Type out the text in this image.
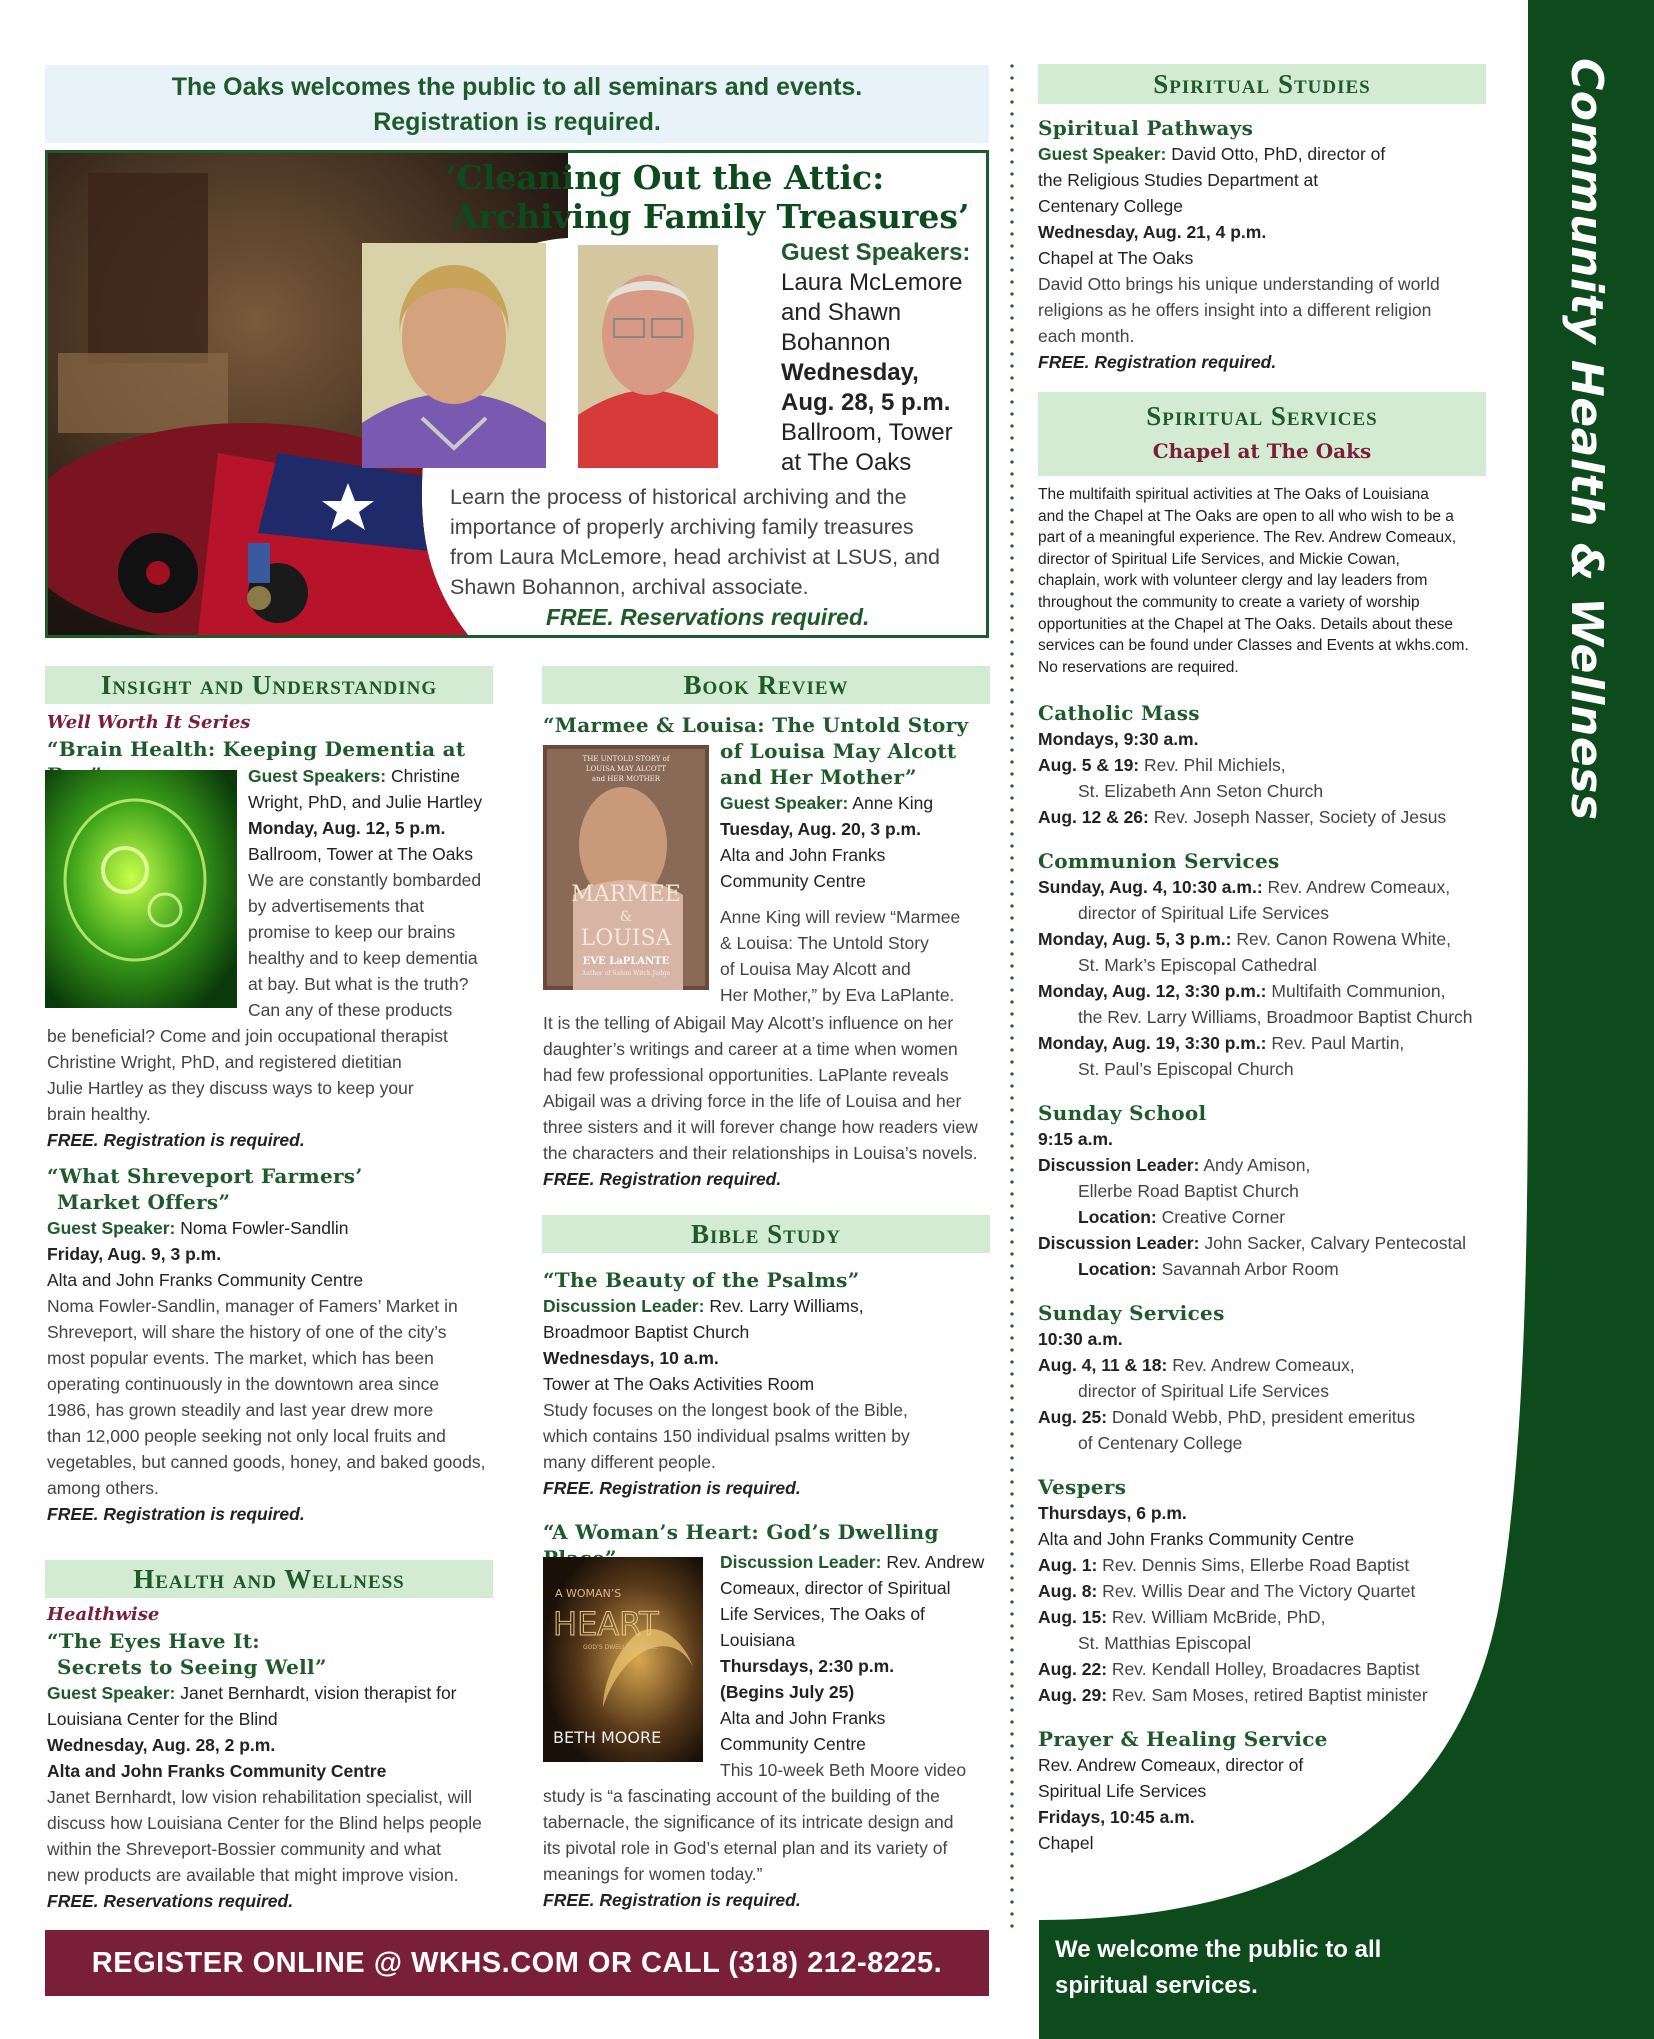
Community Health & Wellness
We welcome the public to all
spiritual services.
The Oaks welcomes the public to all seminars and events.
Registration is required.
‘Cleaning Out the Attic:
Archiving Family Treasures’
Guest Speakers:
Laura McLemore
and Shawn
Bohannon
Wednesday,
Aug. 28, 5 p.m.
Ballroom, Tower
at The Oaks
Learn the process of historical archiving and the
importance of properly archiving family treasures
from Laura McLemore, head archivist at LSUS, and
Shawn Bohannon, archival associate.
FREE. Reservations required.
Insight and Understanding
Well Worth It Series
“Brain Health: Keeping Dementia at
Guest Speakers: Christine
Wright, PhD, and Julie Hartley
Monday, Aug. 12, 5 p.m.
Ballroom, Tower at The Oaks
We are constantly bombarded
by advertisements that
promise to keep our brains
healthy and to keep dementia
at bay. But what is the truth?
Can any of these products
be beneficial? Come and join occupational therapist
Christine Wright, PhD, and registered dietitian
Julie Hartley as they discuss ways to keep your
brain healthy.
FREE. Registration is required.
“What Shreveport Farmers’
Market Offers”
Guest Speaker: Noma Fowler-Sandlin
Friday, Aug. 9, 3 p.m.
Alta and John Franks Community Centre
Noma Fowler-Sandlin, manager of Famers’ Market in
Shreveport, will share the history of one of the city’s
most popular events. The market, which has been
operating continuously in the downtown area since
1986, has grown steadily and last year drew more
than 12,000 people seeking not only local fruits and
vegetables, but canned goods, honey, and baked goods,
among others.
FREE. Registration is required.
Health and Wellness
Healthwise
“The Eyes Have It:
Secrets to Seeing Well”
Guest Speaker: Janet Bernhardt, vision therapist for
Louisiana Center for the Blind
Wednesday, Aug. 28, 2 p.m.
Alta and John Franks Community Centre
Janet Bernhardt, low vision rehabilitation specialist, will
discuss how Louisiana Center for the Blind helps people
within the Shreveport-Bossier community and what
new products are available that might improve vision.
FREE. Reservations required.
Book Review
“Marmee & Louisa: The Untold Story
THE UNTOLD STORY of
LOUISA MAY ALCOTT
and HER MOTHER
MARMEE
&
LOUISA
EVE LaPLANTE
Author of Salem Witch Judge
of Louisa May Alcott
and Her Mother”
Guest Speaker: Anne King
Tuesday, Aug. 20, 3 p.m.
Alta and John Franks
Community Centre
Anne King will review “Marmee
& Louisa: The Untold Story
of Louisa May Alcott and
Her Mother,” by Eva LaPlante.
It is the telling of Abigail May Alcott’s influence on her
daughter’s writings and career at a time when women
had few professional opportunities. LaPlante reveals
Abigail was a driving force in the life of Louisa and her
three sisters and it will forever change how readers view
the characters and their relationships in Louisa’s novels.
FREE. Registration required.
Bible Study
“The Beauty of the Psalms”
Discussion Leader: Rev. Larry Williams,
Broadmoor Baptist Church
Wednesdays, 10 a.m.
Tower at The Oaks Activities Room
Study focuses on the longest book of the Bible,
which contains 150 individual psalms written by
many different people.
FREE. Registration is required.
“A Woman’s Heart: God’s Dwelling
A WOMAN’S
HEART
GOD’S DWELLING PLACE
BETH MOORE
Discussion Leader: Rev. Andrew
Comeaux, director of Spiritual
Life Services, The Oaks of
Louisiana
Thursdays, 2:30 p.m.
(Begins July 25)
Alta and John Franks
Community Centre
This 10-week Beth Moore video
study is “a fascinating account of the building of the
tabernacle, the significance of its intricate design and
its pivotal role in God’s eternal plan and its variety of
meanings for women today.”
FREE. Registration is required.
REGISTER ONLINE @ WKHS.COM OR CALL (318) 212-8225.
Spiritual Studies
Spiritual Pathways
Guest Speaker: David Otto, PhD, director of
the Religious Studies Department at
Centenary College
Wednesday, Aug. 21, 4 p.m.
Chapel at The Oaks
David Otto brings his unique understanding of world
religions as he offers insight into a different religion
each month.
FREE. Registration required.
Spiritual Services
Chapel at The Oaks
The multifaith spiritual activities at The Oaks of Louisiana
and the Chapel at The Oaks are open to all who wish to be a
part of a meaningful experience. The Rev. Andrew Comeaux,
director of Spiritual Life Services, and Mickie Cowan,
chaplain, work with volunteer clergy and lay leaders from
throughout the community to create a variety of worship
opportunities at the Chapel at The Oaks. Details about these
services can be found under Classes and Events at wkhs.com.
No reservations are required.
Catholic Mass
Mondays, 9:30 a.m.
Aug. 5 & 19: Rev. Phil Michiels,
St. Elizabeth Ann Seton Church
Aug. 12 & 26: Rev. Joseph Nasser, Society of Jesus
Communion Services
Sunday, Aug. 4, 10:30 a.m.: Rev. Andrew Comeaux,
director of Spiritual Life Services
Monday, Aug. 5, 3 p.m.: Rev. Canon Rowena White,
St. Mark’s Episcopal Cathedral
Monday, Aug. 12, 3:30 p.m.: Multifaith Communion,
the Rev. Larry Williams, Broadmoor Baptist Church
Monday, Aug. 19, 3:30 p.m.: Rev. Paul Martin,
St. Paul’s Episcopal Church
Sunday School
9:15 a.m.
Discussion Leader: Andy Amison,
Ellerbe Road Baptist Church
Location: Creative Corner
Discussion Leader: John Sacker, Calvary Pentecostal
Location: Savannah Arbor Room
Sunday Services
10:30 a.m.
Aug. 4, 11 & 18: Rev. Andrew Comeaux,
director of Spiritual Life Services
Aug. 25: Donald Webb, PhD, president emeritus
of Centenary College
Vespers
Thursdays, 6 p.m.
Alta and John Franks Community Centre
Aug. 1: Rev. Dennis Sims, Ellerbe Road Baptist
Aug. 8: Rev. Willis Dear and The Victory Quartet
Aug. 15: Rev. William McBride, PhD,
St. Matthias Episcopal
Aug. 22: Rev. Kendall Holley, Broadacres Baptist
Aug. 29: Rev. Sam Moses, retired Baptist minister
Prayer & Healing Service
Rev. Andrew Comeaux, director of
Spiritual Life Services
Fridays, 10:45 a.m.
Chapel
